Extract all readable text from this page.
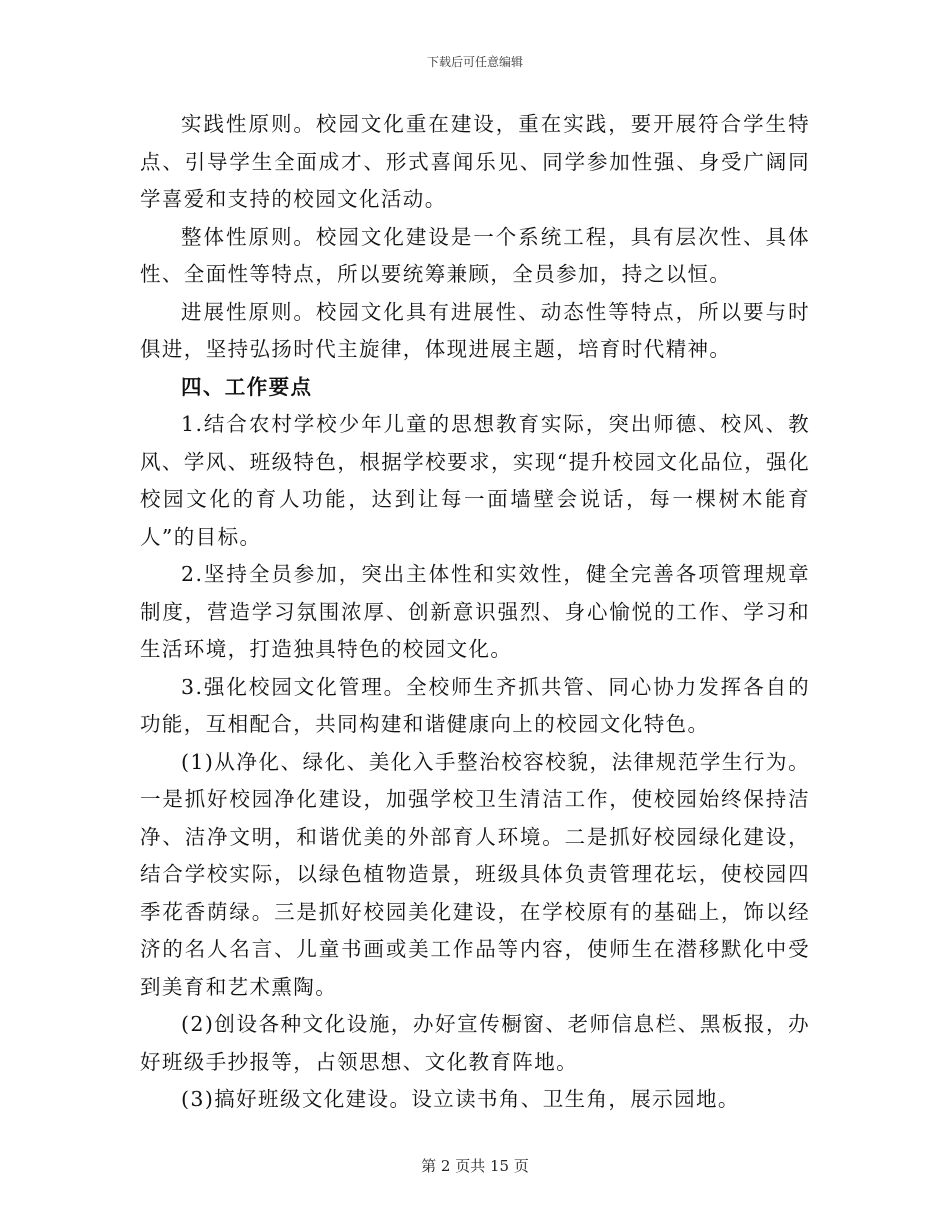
下载后可任意编辑

实践性原则。校园文化重在建设，重在实践，要开展符合学生特点、引导学生全面成才、形式喜闻乐见、同学参加性强、身受广阔同学喜爱和支持的校园文化活动。

整体性原则。校园文化建设是一个系统工程，具有层次性、具体性、全面性等特点，所以要统筹兼顾，全员参加，持之以恒。

进展性原则。校园文化具有进展性、动态性等特点，所以要与时俱进，坚持弘扬时代主旋律，体现进展主题，培育时代精神。

四、工作要点

1.结合农村学校少年儿童的思想教育实际，突出师德、校风、教风、学风、班级特色，根据学校要求，实现“提升校园文化品位，强化校园文化的育人功能，达到让每一面墙壁会说话，每一棵树木能育人”的目标。

2.坚持全员参加，突出主体性和实效性，健全完善各项管理规章制度，营造学习氛围浓厚、创新意识强烈、身心愉悦的工作、学习和生活环境，打造独具特色的校园文化。

3.强化校园文化管理。全校师生齐抓共管、同心协力发挥各自的功能，互相配合，共同构建和谐健康向上的校园文化特色。

(1)从净化、绿化、美化入手整治校容校貌，法律规范学生行为。一是抓好校园净化建设，加强学校卫生清洁工作，使校园始终保持洁净、洁净文明，和谐优美的外部育人环境。二是抓好校园绿化建设，结合学校实际，以绿色植物造景，班级具体负责管理花坛，使校园四季花香荫绿。三是抓好校园美化建设，在学校原有的基础上，饰以经济的名人名言、儿童书画或美工作品等内容，使师生在潜移默化中受到美育和艺术熏陶。

(2)创设各种文化设施，办好宣传橱窗、老师信息栏、黑板报，办好班级手抄报等，占领思想、文化教育阵地。

(3)搞好班级文化建设。设立读书角、卫生角，展示园地。

第 2 页共 15 页
